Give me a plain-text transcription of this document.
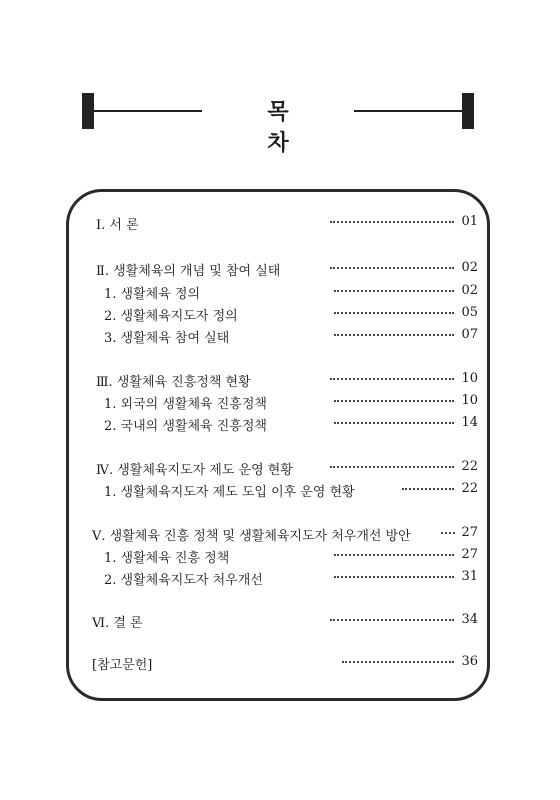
목 차
Ⅰ. 서 론	01
Ⅱ. 생활체육의 개념 및 참여 실태	02
1. 생활체육 정의	02
2. 생활체육지도자 정의	05
3. 생활체육 참여 실태	07
Ⅲ. 생활체육 진흥정책 현황	10
1. 외국의 생활체육 진흥정책	10
2. 국내의 생활체육 진흥정책	14
Ⅳ. 생활체육지도자 제도 운영 현황	22
1. 생활체육지도자 제도 도입 이후 운영 현황	22
Ⅴ. 생활체육 진흥 정책 및 생활체육지도자 처우개선 방안	27
1. 생활체육 진흥 정책	27
2. 생활체육지도자 처우개선	31
Ⅵ. 결 론	34
[참고문헌]	36
